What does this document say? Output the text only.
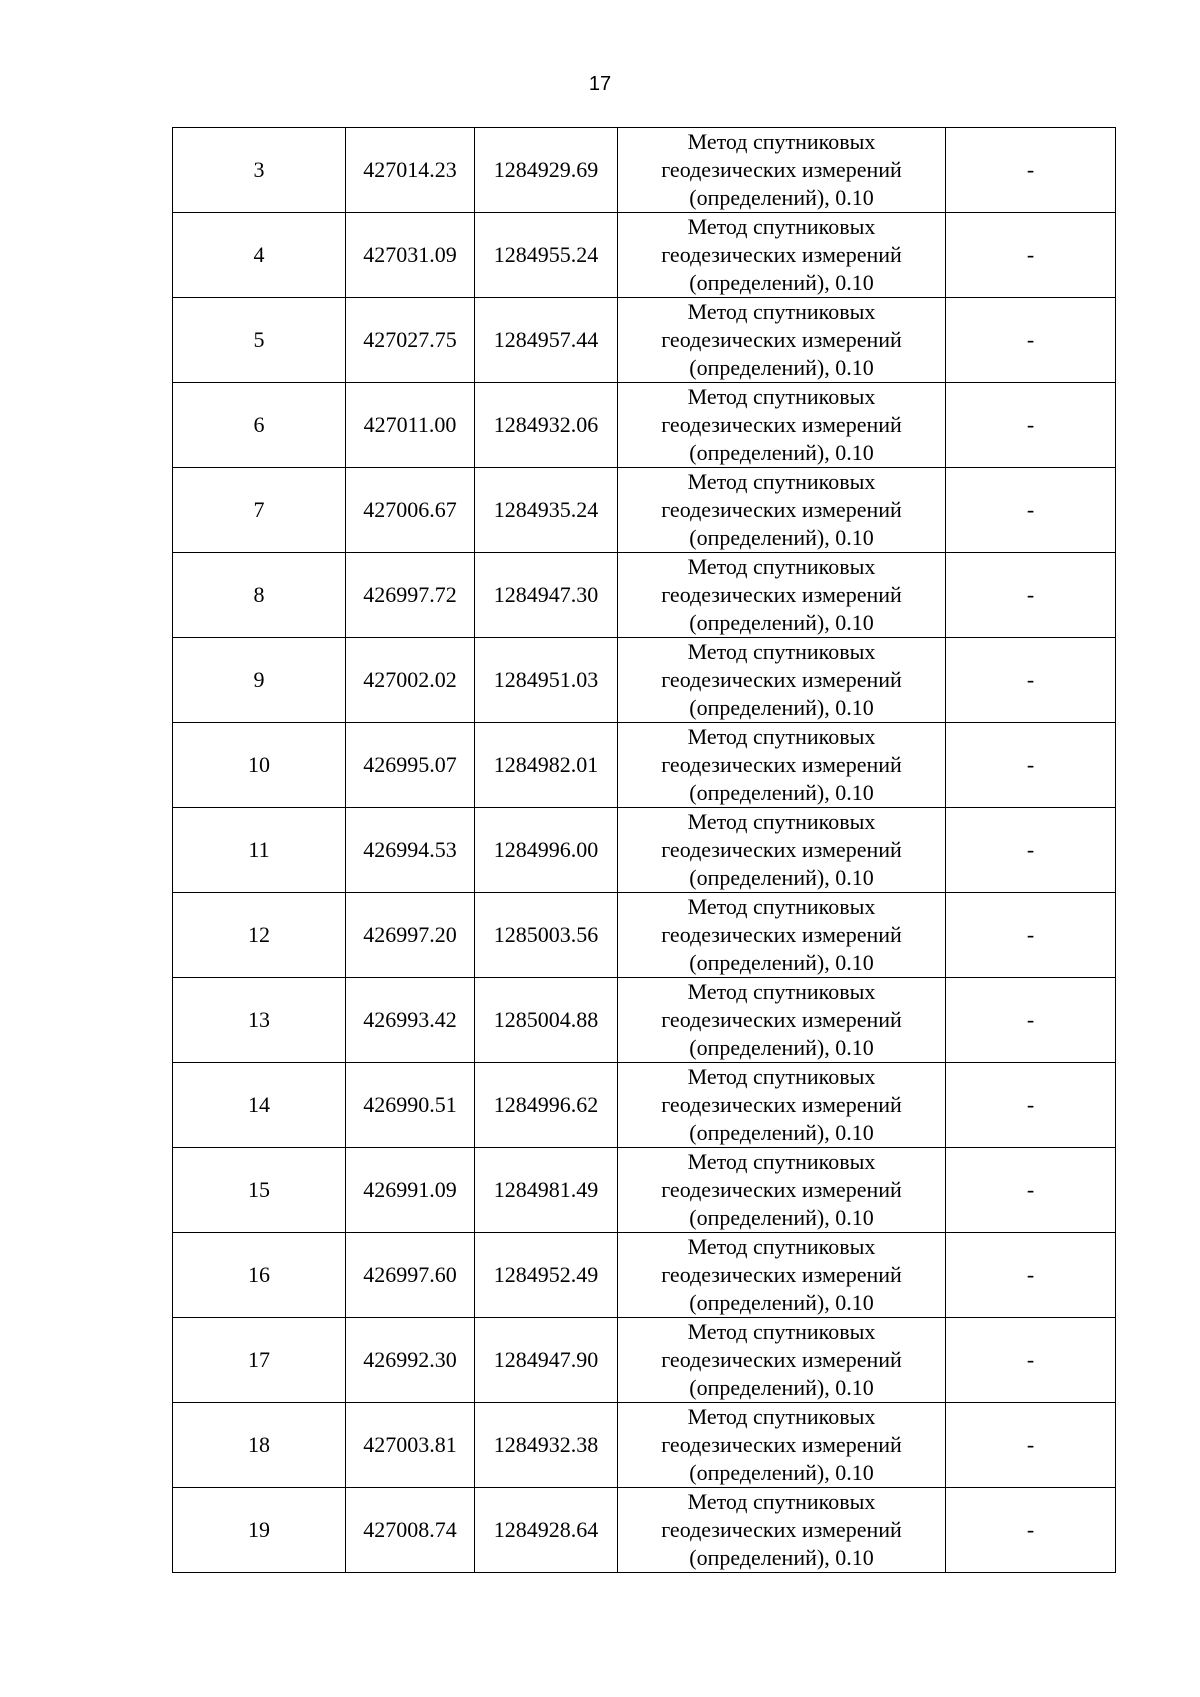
17
3	427014.23	1284929.69	Метод спутниковых
геодезических измерений
(определений), 0.10	-
4	427031.09	1284955.24	Метод спутниковых
геодезических измерений
(определений), 0.10	-
5	427027.75	1284957.44	Метод спутниковых
геодезических измерений
(определений), 0.10	-
6	427011.00	1284932.06	Метод спутниковых
геодезических измерений
(определений), 0.10	-
7	427006.67	1284935.24	Метод спутниковых
геодезических измерений
(определений), 0.10	-
8	426997.72	1284947.30	Метод спутниковых
геодезических измерений
(определений), 0.10	-
9	427002.02	1284951.03	Метод спутниковых
геодезических измерений
(определений), 0.10	-
10	426995.07	1284982.01	Метод спутниковых
геодезических измерений
(определений), 0.10	-
11	426994.53	1284996.00	Метод спутниковых
геодезических измерений
(определений), 0.10	-
12	426997.20	1285003.56	Метод спутниковых
геодезических измерений
(определений), 0.10	-
13	426993.42	1285004.88	Метод спутниковых
геодезических измерений
(определений), 0.10	-
14	426990.51	1284996.62	Метод спутниковых
геодезических измерений
(определений), 0.10	-
15	426991.09	1284981.49	Метод спутниковых
геодезических измерений
(определений), 0.10	-
16	426997.60	1284952.49	Метод спутниковых
геодезических измерений
(определений), 0.10	-
17	426992.30	1284947.90	Метод спутниковых
геодезических измерений
(определений), 0.10	-
18	427003.81	1284932.38	Метод спутниковых
геодезических измерений
(определений), 0.10	-
19	427008.74	1284928.64	Метод спутниковых
геодезических измерений
(определений), 0.10	-
